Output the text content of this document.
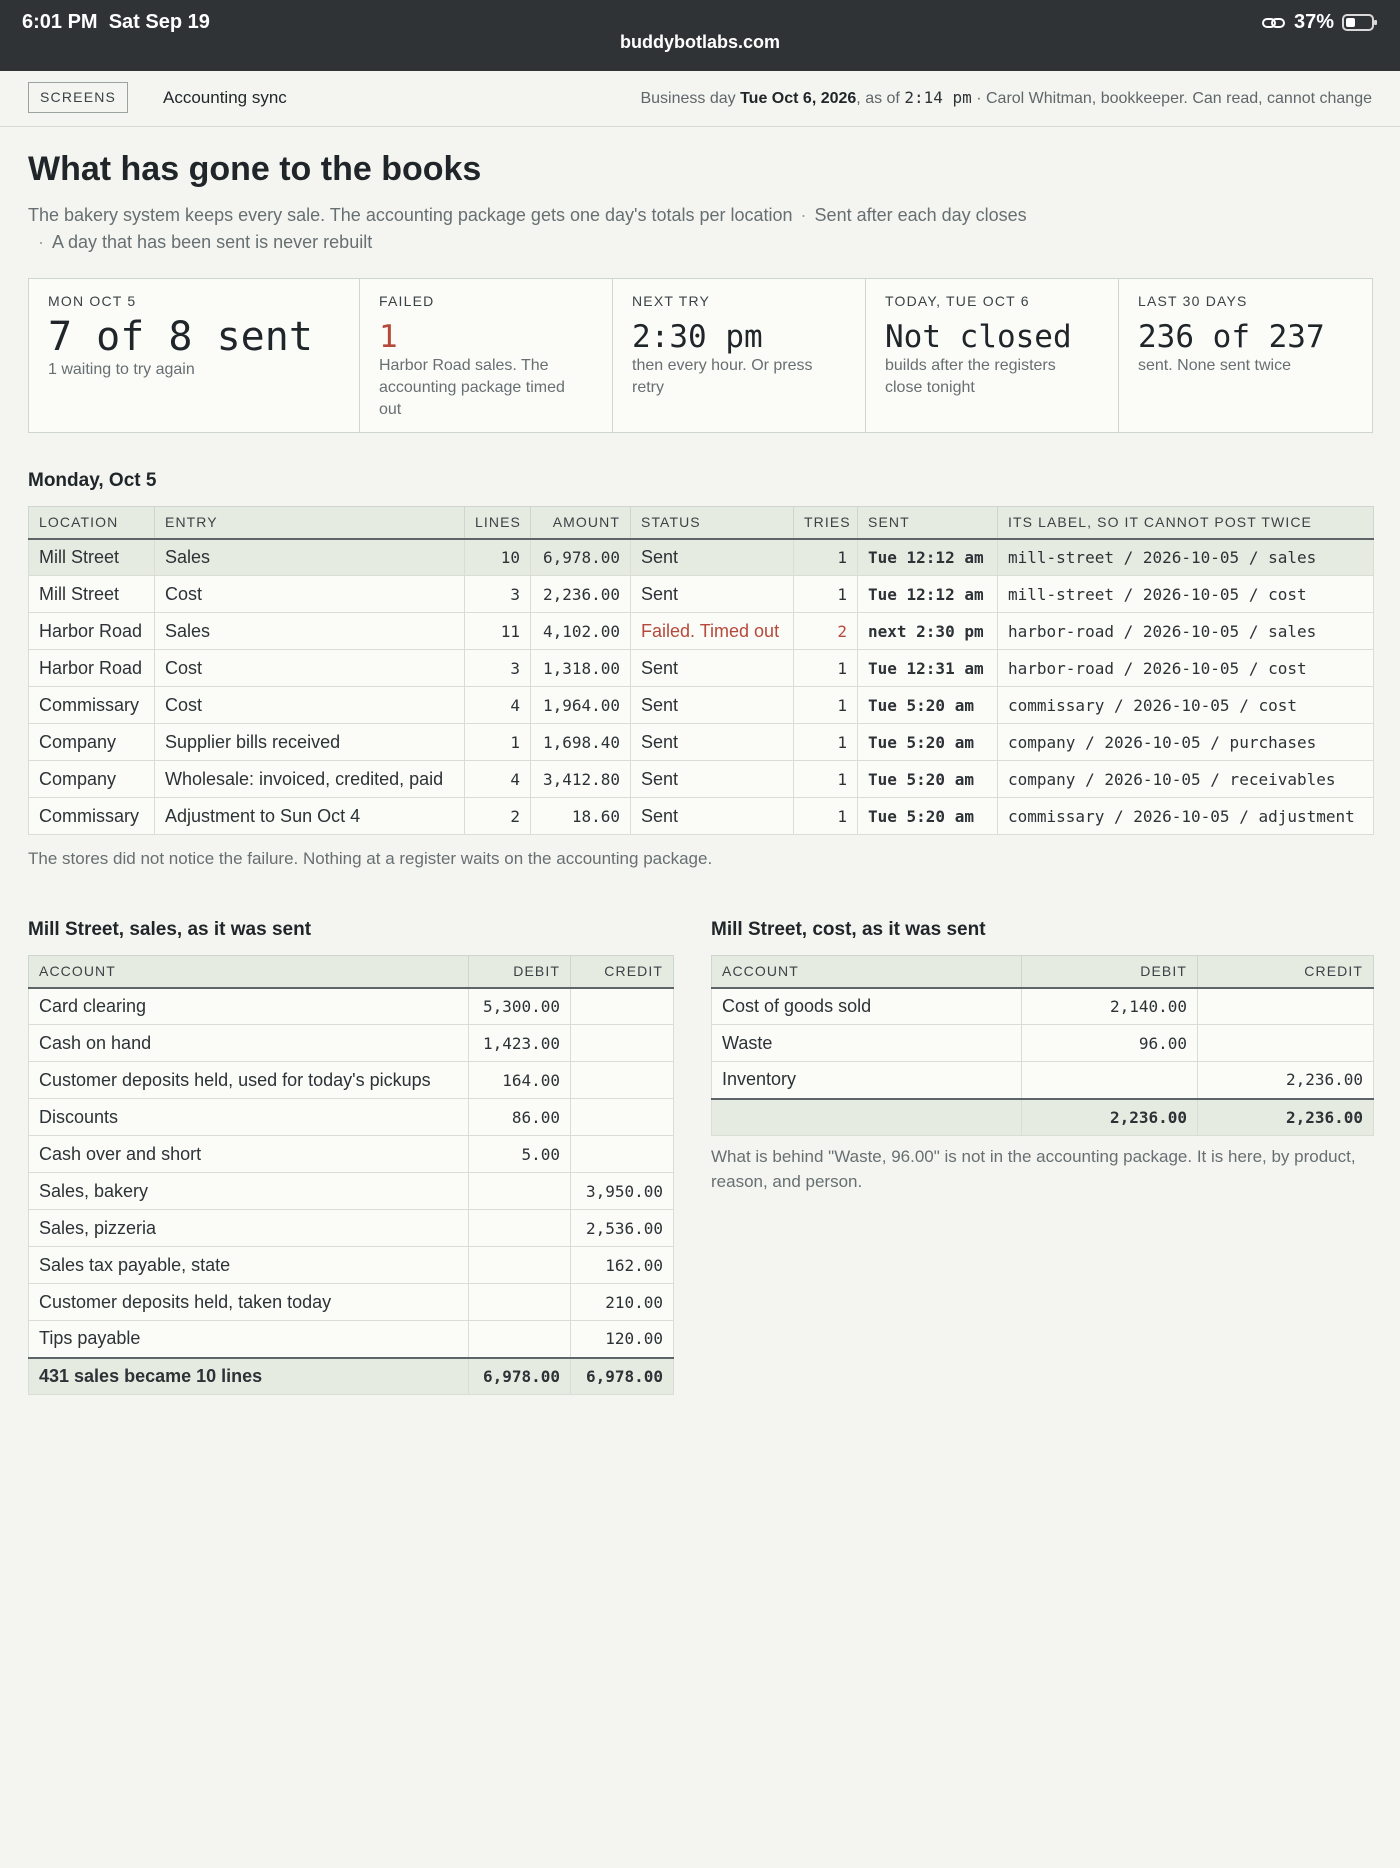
6:01 PM  Sat Sep 19
buddybotlabs.com
37%
SCREENS	Accounting sync	Business day Tue Oct 6, 2026, as of 2:14 pm · Carol Whitman, bookkeeper. Can read, cannot change
What has gone to the books
The bakery system keeps every sale. The accounting package gets one day's totals per location · Sent after each day closes
· A day that has been sent is never rebuilt
MON OCT 5
7 of 8 sent
1 waiting to try again
FAILED
1
Harbor Road sales. The accounting package timed out
NEXT TRY
2:30 pm
then every hour. Or press retry
TODAY, TUE OCT 6
Not closed
builds after the registers close tonight
LAST 30 DAYS
236 of 237
sent. None sent twice
Monday, Oct 5
LOCATION	ENTRY	LINES	AMOUNT	STATUS	TRIES	SENT	ITS LABEL, SO IT CANNOT POST TWICE
Mill Street	Sales	10	6,978.00	Sent	1	Tue 12:12 am	mill-street / 2026-10-05 / sales
Mill Street	Cost	3	2,236.00	Sent	1	Tue 12:12 am	mill-street / 2026-10-05 / cost
Harbor Road	Sales	11	4,102.00	Failed. Timed out	2	next 2:30 pm	harbor-road / 2026-10-05 / sales
Harbor Road	Cost	3	1,318.00	Sent	1	Tue 12:31 am	harbor-road / 2026-10-05 / cost
Commissary	Cost	4	1,964.00	Sent	1	Tue 5:20 am	commissary / 2026-10-05 / cost
Company	Supplier bills received	1	1,698.40	Sent	1	Tue 5:20 am	company / 2026-10-05 / purchases
Company	Wholesale: invoiced, credited, paid	4	3,412.80	Sent	1	Tue 5:20 am	company / 2026-10-05 / receivables
Commissary	Adjustment to Sun Oct 4	2	18.60	Sent	1	Tue 5:20 am	commissary / 2026-10-05 / adjustment
The stores did not notice the failure. Nothing at a register waits on the accounting package.
Mill Street, sales, as it was sent
ACCOUNT	DEBIT	CREDIT
Card clearing	5,300.00	
Cash on hand	1,423.00	
Customer deposits held, used for today's pickups	164.00	
Discounts	86.00	
Cash over and short	5.00	
Sales, bakery		3,950.00
Sales, pizzeria		2,536.00
Sales tax payable, state		162.00
Customer deposits held, taken today		210.00
Tips payable		120.00
431 sales became 10 lines	6,978.00	6,978.00
Mill Street, cost, as it was sent
ACCOUNT	DEBIT	CREDIT
Cost of goods sold	2,140.00	
Waste	96.00	
Inventory		2,236.00
	2,236.00	2,236.00
What is behind "Waste, 96.00" is not in the accounting package. It is here, by product, reason, and person.
